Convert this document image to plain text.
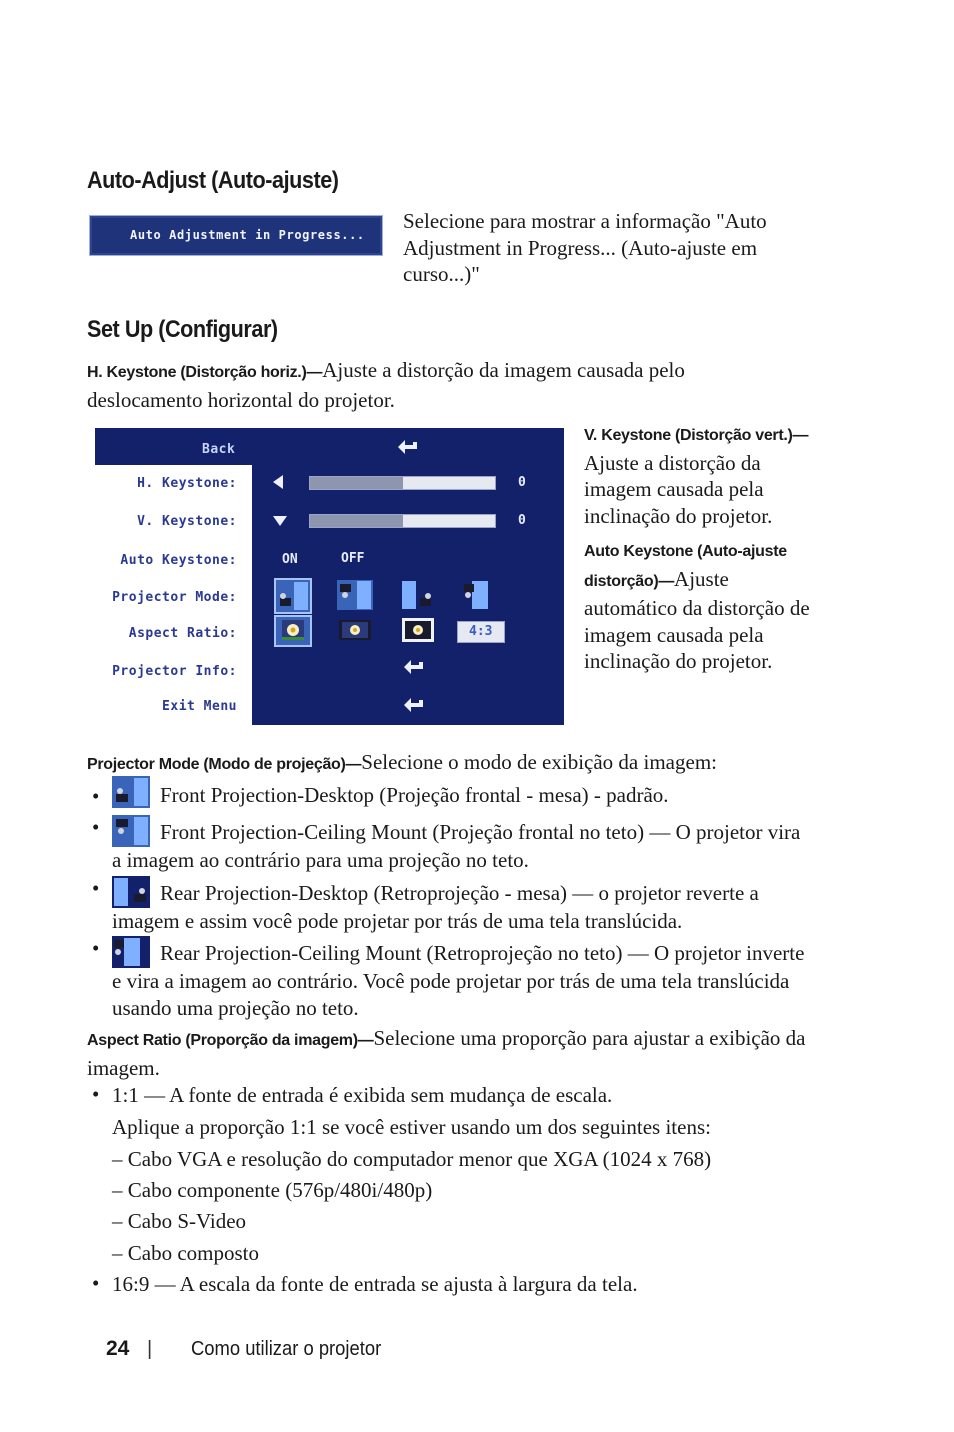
Auto-Adjust (Auto-ajuste)
Auto Adjustment in Progress...
Selecione para mostrar a informação "Auto Adjustment in Progress... (Auto-ajuste em curso...)"
Set Up (Configurar)
H. Keystone (Distorção horiz.)—Ajuste a distorção da imagem causada pelo deslocamento horizontal do projetor.
Back
H. Keystone:
V. Keystone:
Auto Keystone:
Projector Mode:
Aspect Ratio:
Projector Info:
Exit Menu
0
0
ON	OFF
4:3
V. Keystone (Distorção vert.)—Ajuste a distorção da imagem causada pela inclinação do projetor.
Auto Keystone (Auto-ajuste distorção)—Ajuste automático da distorção de imagem causada pela inclinação do projetor.
Projector Mode (Modo de projeção)—Selecione o modo de exibição da imagem:
•	Front Projection-Desktop (Projeção frontal - mesa) - padrão.
•	Front Projection-Ceiling Mount (Projeção frontal no teto) — O projetor vira a imagem ao contrário para uma projeção no teto.
•	Rear Projection-Desktop (Retroprojeção - mesa) — o projetor reverte a imagem e assim você pode projetar por trás de uma tela translúcida.
•	Rear Projection-Ceiling Mount (Retroprojeção no teto) — O projetor inverte e vira a imagem ao contrário. Você pode projetar por trás de uma tela translúcida usando uma projeção no teto.
Aspect Ratio (Proporção da imagem)—Selecione uma proporção para ajustar a exibição da imagem.
• 1:1 — A fonte de entrada é exibida sem mudança de escala.
Aplique a proporção 1:1 se você estiver usando um dos seguintes itens:
– Cabo VGA e resolução do computador menor que XGA (1024 x 768)
– Cabo componente (576p/480i/480p)
– Cabo S-Video
– Cabo composto
• 16:9 — A escala da fonte de entrada se ajusta à largura da tela.
24 | Como utilizar o projetor
